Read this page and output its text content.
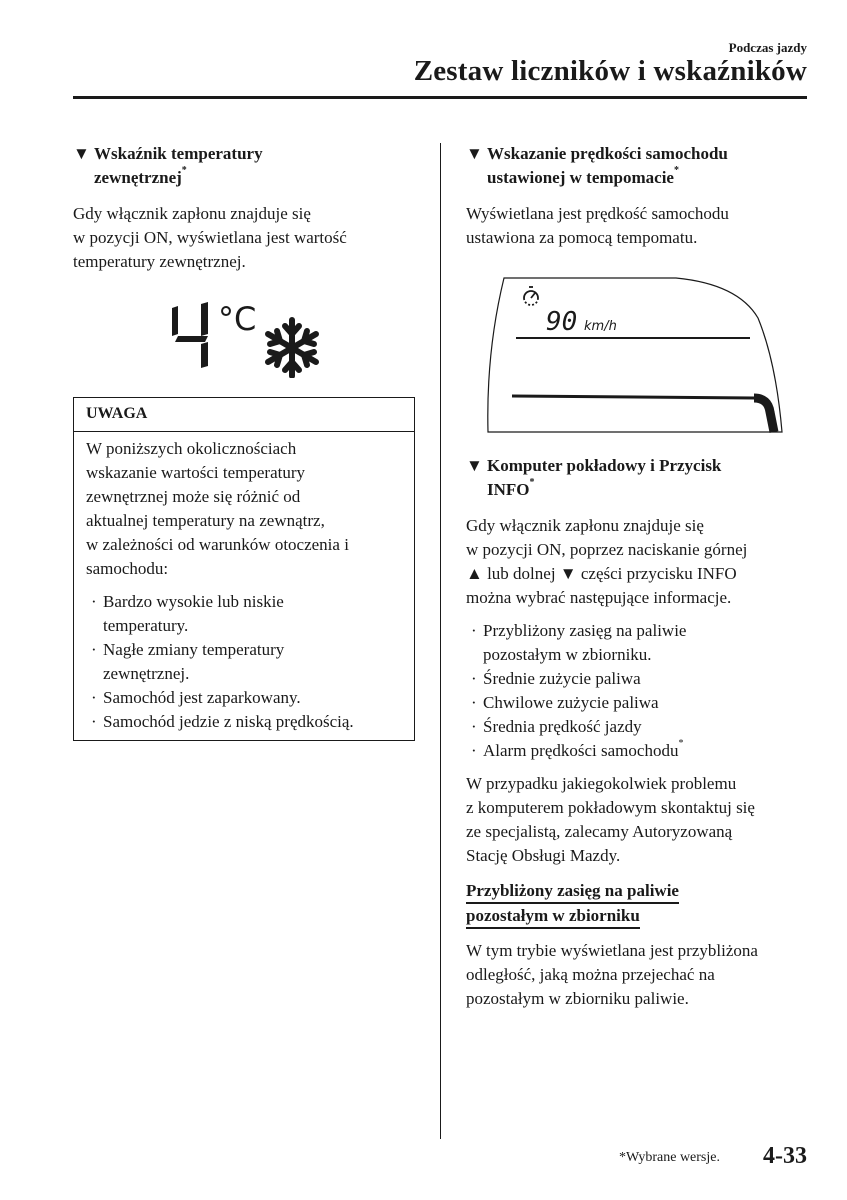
Podczas jazdy
Zestaw liczników i wskaźników
▼ Wskaźnik temperatury
zewnętrznej*

Gdy włącznik zapłonu znajduje się
w pozycji ON, wyświetlana jest wartość
temperatury zewnętrznej.

°C
UWAGA

W poniższych okolicznościach
wskazanie wartości temperatury
zewnętrznej może się różnić od
aktualnej temperatury na zewnątrz,
w zależności od warunków otoczenia i
samochodu:

· Bardzo wysokie lub niskie
temperatury.
· Nagłe zmiany temperatury
zewnętrznej.
· Samochód jest zaparkowany.
· Samochód jedzie z niską prędkością.
▼ Wskazanie prędkości samochodu
ustawionej w tempomacie*

Wyświetlana jest prędkość samochodu
ustawiona za pomocą tempomatu.

90 km/h
▼ Komputer pokładowy i Przycisk
INFO*

Gdy włącznik zapłonu znajduje się
w pozycji ON, poprzez naciskanie górnej
▲ lub dolnej ▼ części przycisku INFO
można wybrać następujące informacje.

· Przybliżony zasięg na paliwie
pozostałym w zbiorniku.
· Średnie zużycie paliwa
· Chwilowe zużycie paliwa
· Średnia prędkość jazdy
· Alarm prędkości samochodu*

W przypadku jakiegokolwiek problemu
z komputerem pokładowym skontaktuj się
ze specjalistą, zalecamy Autoryzowaną
Stację Obsługi Mazdy.

Przybliżony zasięg na paliwie
pozostałym w zbiorniku

W tym trybie wyświetlana jest przybliżona
odległość, jaką można przejechać na
pozostałym w zbiorniku paliwie.

*Wybrane wersje. 4-33
